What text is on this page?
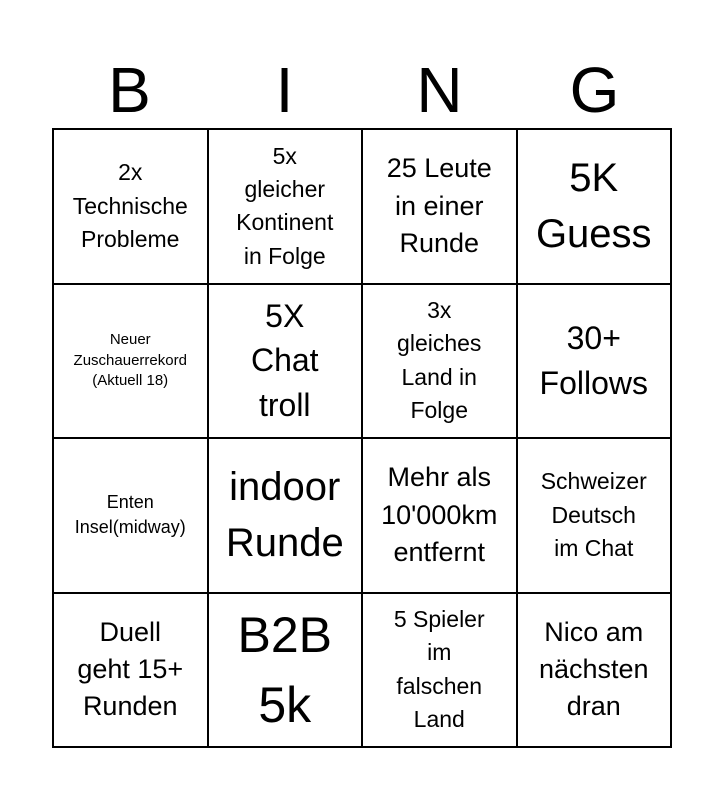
B	I	N	G
2x
Technische
Probleme
5x
gleicher
Kontinent
in Folge
25 Leute
in einer
Runde
5K
Guess
Neuer
Zuschauerrekord
(Aktuell 18)
5X
Chat
troll
3x
gleiches
Land in
Folge
30+
Follows
Enten
Insel(midway)
indoor
Runde
Mehr als
10'000km
entfernt
Schweizer
Deutsch
im Chat
Duell
geht 15+
Runden
B2B
5k
5 Spieler
im
falschen
Land
Nico am
nächsten
dran
